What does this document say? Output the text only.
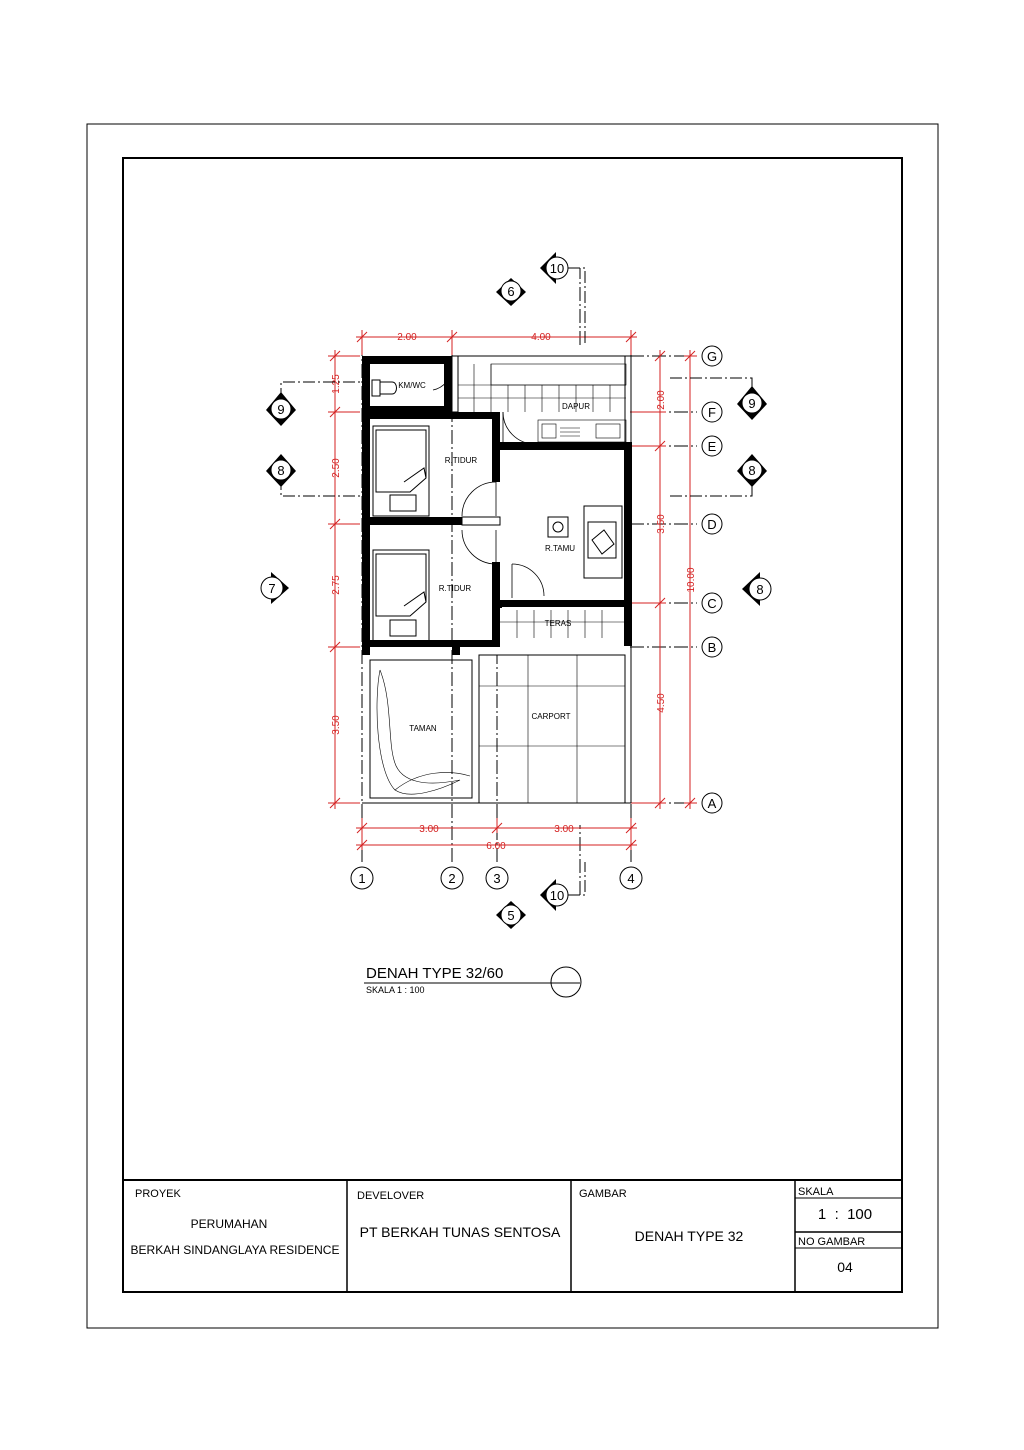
2.00	4.00
1.25
2.50
2.75
3.50
2.00
3.50
4.50
10.00
3.00	3.00
6.00
KM/WC
DAPUR
R.TIDUR
R.TIDUR
R.TAMU
TERAS
TAMAN
CARPORT
G
F
E
D
C
B
A
1	2	3	4
10
6
9	9
8	8
7	8
10
5
DENAH TYPE 32/60
SKALA 1 : 100
PROYEK
PERUMAHAN
BERKAH SINDANGLAYA RESIDENCE
DEVELOVER
PT BERKAH TUNAS SENTOSA
GAMBAR
DENAH TYPE 32
SKALA
1  :  100
NO GAMBAR
04
